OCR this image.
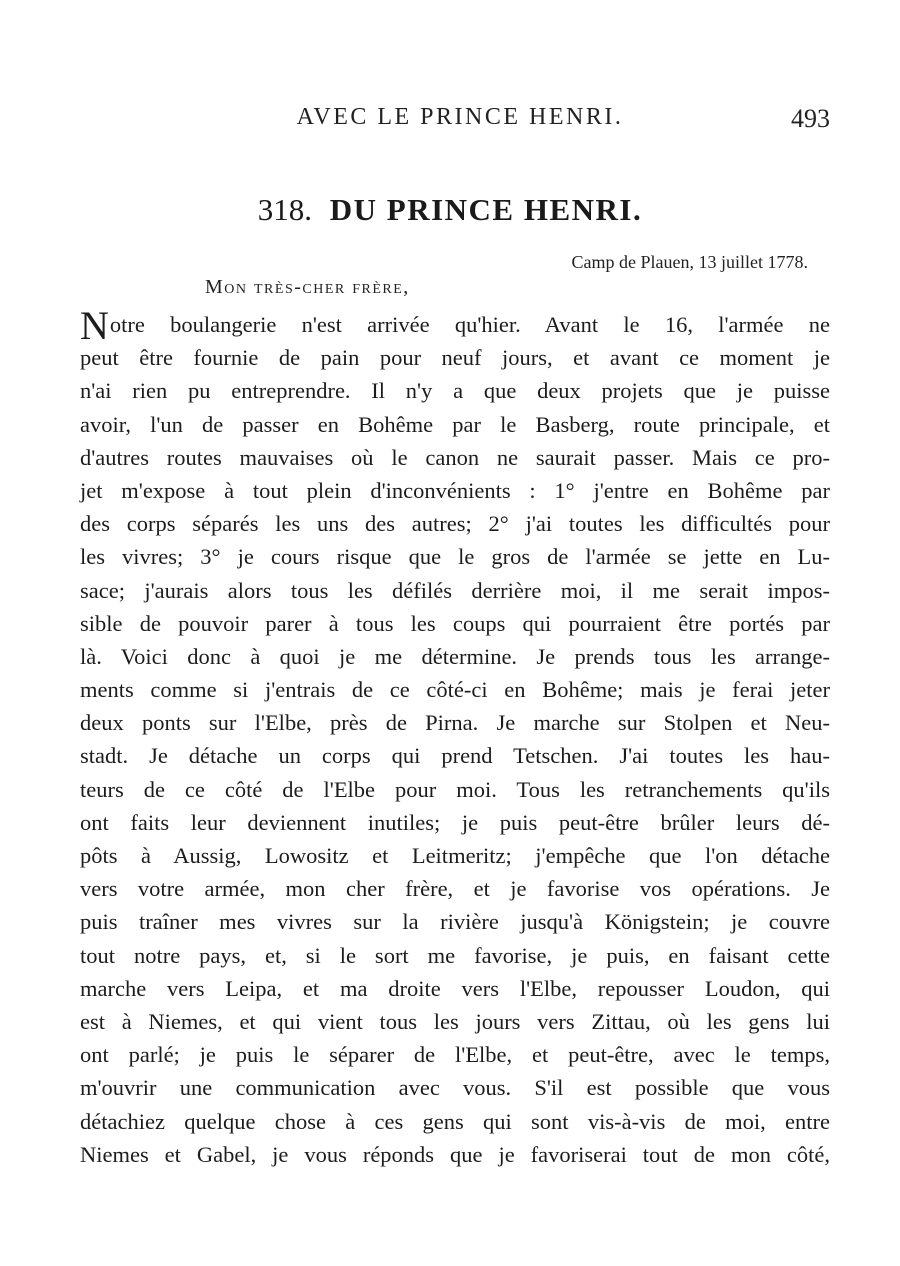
AVEC LE PRINCE HENRI.	493
318. DU PRINCE HENRI.
Camp de Plauen, 13 juillet 1778.
Mon très-cher frère,
Notre boulangerie n'est arrivée qu'hier. Avant le 16, l'armée ne
peut être fournie de pain pour neuf jours, et avant ce moment je
n'ai rien pu entreprendre. Il n'y a que deux projets que je puisse
avoir, l'un de passer en Bohême par le Basberg, route principale, et
d'autres routes mauvaises où le canon ne saurait passer. Mais ce pro-
jet m'expose à tout plein d'inconvénients : 1° j'entre en Bohême par
des corps séparés les uns des autres; 2° j'ai toutes les difficultés pour
les vivres; 3° je cours risque que le gros de l'armée se jette en Lu-
sace; j'aurais alors tous les défilés derrière moi, il me serait impos-
sible de pouvoir parer à tous les coups qui pourraient être portés par
là. Voici donc à quoi je me détermine. Je prends tous les arrange-
ments comme si j'entrais de ce côté-ci en Bohême; mais je ferai jeter
deux ponts sur l'Elbe, près de Pirna. Je marche sur Stolpen et Neu-
stadt. Je détache un corps qui prend Tetschen. J'ai toutes les hau-
teurs de ce côté de l'Elbe pour moi. Tous les retranchements qu'ils
ont faits leur deviennent inutiles; je puis peut-être brûler leurs dé-
pôts à Aussig, Lowositz et Leitmeritz; j'empêche que l'on détache
vers votre armée, mon cher frère, et je favorise vos opérations. Je
puis traîner mes vivres sur la rivière jusqu'à Königstein; je couvre
tout notre pays, et, si le sort me favorise, je puis, en faisant cette
marche vers Leipa, et ma droite vers l'Elbe, repousser Loudon, qui
est à Niemes, et qui vient tous les jours vers Zittau, où les gens lui
ont parlé; je puis le séparer de l'Elbe, et peut-être, avec le temps,
m'ouvrir une communication avec vous. S'il est possible que vous
détachiez quelque chose à ces gens qui sont vis-à-vis de moi, entre
Niemes et Gabel, je vous réponds que je favoriserai tout de mon côté,
